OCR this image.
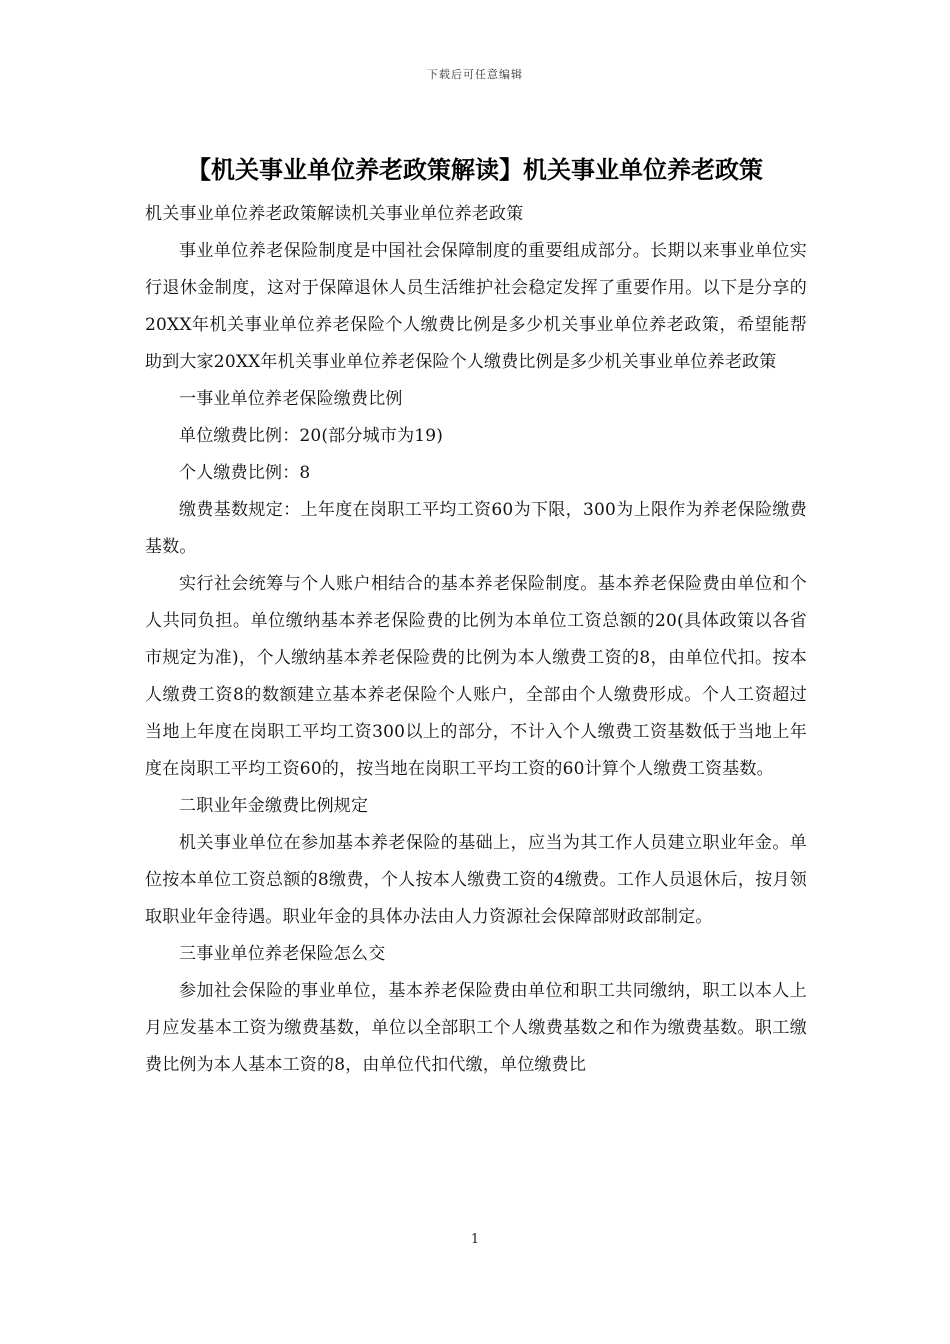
下载后可任意编辑
【机关事业单位养老政策解读】机关事业单位养老政策

机关事业单位养老政策解读机关事业单位养老政策

事业单位养老保险制度是中国社会保障制度的重要组成部分。长期以来事业单位实行退休金制度，这对于保障退休人员生活维护社会稳定发挥了重要作用。以下是分享的20XX年机关事业单位养老保险个人缴费比例是多少机关事业单位养老政策，希望能帮助到大家20XX年机关事业单位养老保险个人缴费比例是多少机关事业单位养老政策

一事业单位养老保险缴费比例

单位缴费比例：20(部分城市为19)

个人缴费比例：8

缴费基数规定：上年度在岗职工平均工资60为下限，300为上限作为养老保险缴费基数。

实行社会统筹与个人账户相结合的基本养老保险制度。基本养老保险费由单位和个人共同负担。单位缴纳基本养老保险费的比例为本单位工资总额的20(具体政策以各省市规定为准)，个人缴纳基本养老保险费的比例为本人缴费工资的8，由单位代扣。按本人缴费工资8的数额建立基本养老保险个人账户，全部由个人缴费形成。个人工资超过当地上年度在岗职工平均工资300以上的部分，不计入个人缴费工资基数低于当地上年度在岗职工平均工资60的，按当地在岗职工平均工资的60计算个人缴费工资基数。

二职业年金缴费比例规定

机关事业单位在参加基本养老保险的基础上，应当为其工作人员建立职业年金。单位按本单位工资总额的8缴费，个人按本人缴费工资的4缴费。工作人员退休后，按月领取职业年金待遇。职业年金的具体办法由人力资源社会保障部财政部制定。

三事业单位养老保险怎么交

参加社会保险的事业单位，基本养老保险费由单位和职工共同缴纳，职工以本人上月应发基本工资为缴费基数，单位以全部职工个人缴费基数之和作为缴费基数。职工缴费比例为本人基本工资的8，由单位代扣代缴，单位缴费比

1
